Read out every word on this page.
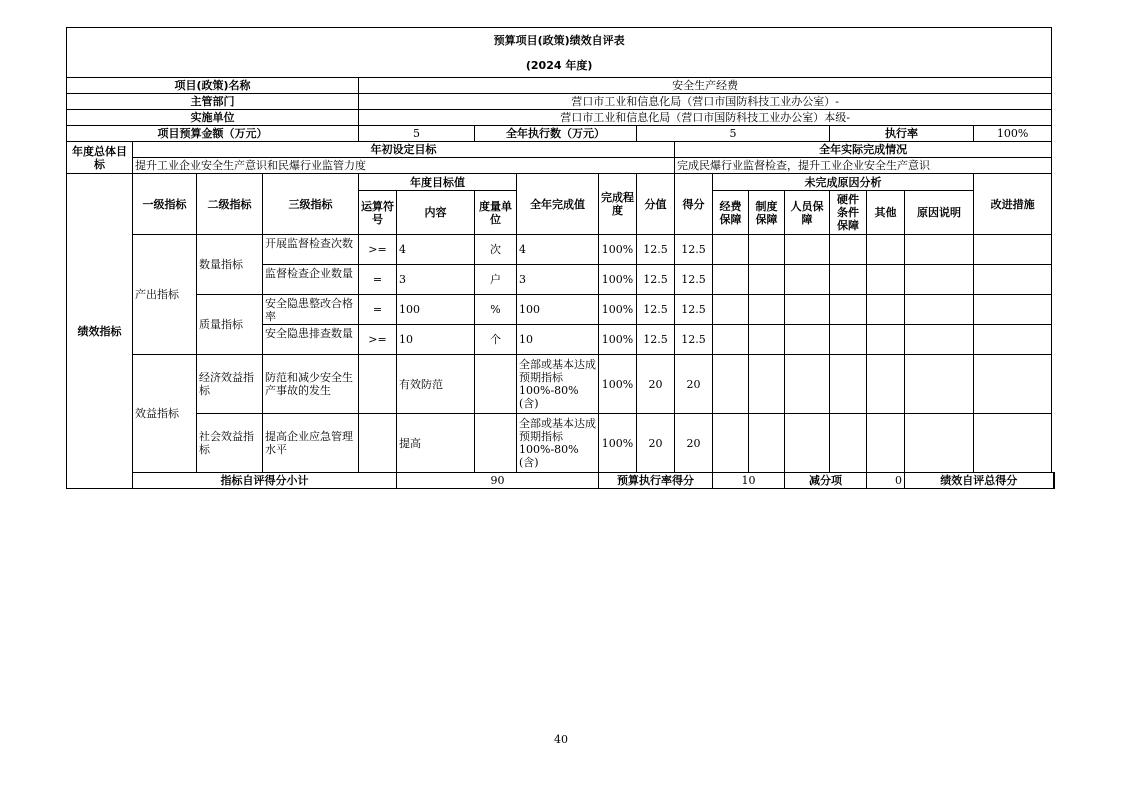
预算项目(政策)绩效自评表																		
(2024 年度)																		
项目(政策)名称				安全生产经费														
主管部门				营口市工业和信息化局（营口市国防科技工业办公室）-														
实施单位				营口市工业和信息化局（营口市国防科技工业办公室）本级-														
项目预算金额（万元）				5		全年执行数（万元）			5					执行率			100%	
年度总体目标	年初设定目标									全年实际完成情况								
	提升工业企业安全生产意识和民爆行业监管力度									完成民爆行业监督检查，提升工业企业安全生产意识								
绩效指标	一级指标	二级指标	三级指标	年度目标值			全年完成值	完成程度	分值	得分	未完成原因分析						改进措施	
				运算符号	内容	度量单位					经费保障	制度保障	人员保障	硬件条件保障	其他	原因说明		
	产出指标	数量指标	开展监督检查次数	>=	4	次	4	100%	12.5	12.5								

			监督检查企业数量	=	3	户	3	100%	12.5	12.5								
		质量指标	安全隐患整改合格率	=	100	%	100	100%	12.5	12.5								

			安全隐患排查数量	>=	10	个	10	100%	12.5	12.5								
	效益指标	经济效益指标	防范和减少安全生产事故的发生		有效防范		全部或基本达成预期指标100%-80%(含)	100%	20	20								
		社会效益指标	提高企业应急管理水平		提高		全部或基本达成预期指标100%-80%(含)	100%	20	20								
	指标自评得分小计				90			预算执行率得分			10		减分项		0	绩效自评总得分	
40
